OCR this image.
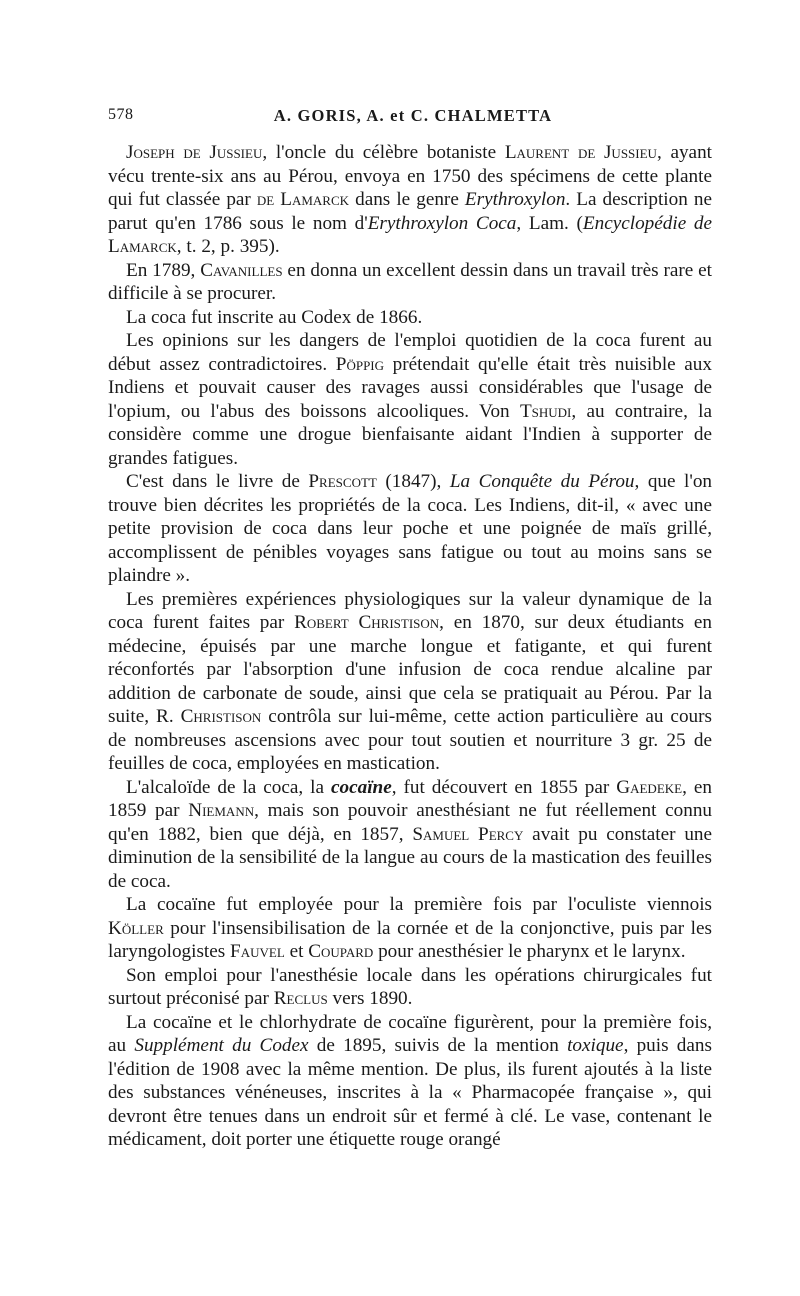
578	A. GORIS, A. et C. CHALMETTA

Joseph de Jussieu, l'oncle du célèbre botaniste Laurent de Jussieu, ayant vécu trente-six ans au Pérou, envoya en 1750 des spécimens de cette plante qui fut classée par de Lamarck dans le genre Erythroxylon. La description ne parut qu'en 1786 sous le nom d'Erythroxylon Coca, Lam. (Encyclopédie de Lamarck, t. 2, p. 395).

En 1789, Cavanilles en donna un excellent dessin dans un travail très rare et difficile à se procurer.

La coca fut inscrite au Codex de 1866.

Les opinions sur les dangers de l'emploi quotidien de la coca furent au début assez contradictoires. Pöppig prétendait qu'elle était très nuisible aux Indiens et pouvait causer des ravages aussi considérables que l'usage de l'opium, ou l'abus des boissons alcooliques. Von Tshudi, au contraire, la considère comme une drogue bienfaisante aidant l'Indien à supporter de grandes fatigues.

C'est dans le livre de Prescott (1847), La Conquête du Pérou, que l'on trouve bien décrites les propriétés de la coca. Les Indiens, dit-il, « avec une petite provision de coca dans leur poche et une poignée de maïs grillé, accomplissent de pénibles voyages sans fatigue ou tout au moins sans se plaindre ».

Les premières expériences physiologiques sur la valeur dynamique de la coca furent faites par Robert Christison, en 1870, sur deux étudiants en médecine, épuisés par une marche longue et fatigante, et qui furent réconfortés par l'absorption d'une infusion de coca rendue alcaline par addition de carbonate de soude, ainsi que cela se pratiquait au Pérou. Par la suite, R. Christison contrôla sur lui-même, cette action particulière au cours de nombreuses ascensions avec pour tout soutien et nourriture 3 gr. 25 de feuilles de coca, employées en mastication.

L'alcaloïde de la coca, la cocaïne, fut découvert en 1855 par Gaedeke, en 1859 par Niemann, mais son pouvoir anesthésiant ne fut réellement connu qu'en 1882, bien que déjà, en 1857, Samuel Percy avait pu constater une diminution de la sensibilité de la langue au cours de la mastication des feuilles de coca.

La cocaïne fut employée pour la première fois par l'oculiste viennois Köller pour l'insensibilisation de la cornée et de la conjonctive, puis par les laryngologistes Fauvel et Coupard pour anesthésier le pharynx et le larynx.

Son emploi pour l'anesthésie locale dans les opérations chirurgicales fut surtout préconisé par Reclus vers 1890.

La cocaïne et le chlorhydrate de cocaïne figurèrent, pour la première fois, au Supplément du Codex de 1895, suivis de la mention toxique, puis dans l'édition de 1908 avec la même mention. De plus, ils furent ajoutés à la liste des substances vénéneuses, inscrites à la « Pharmacopée française », qui devront être tenues dans un endroit sûr et fermé à clé. Le vase, contenant le médicament, doit porter une étiquette rouge orangé
